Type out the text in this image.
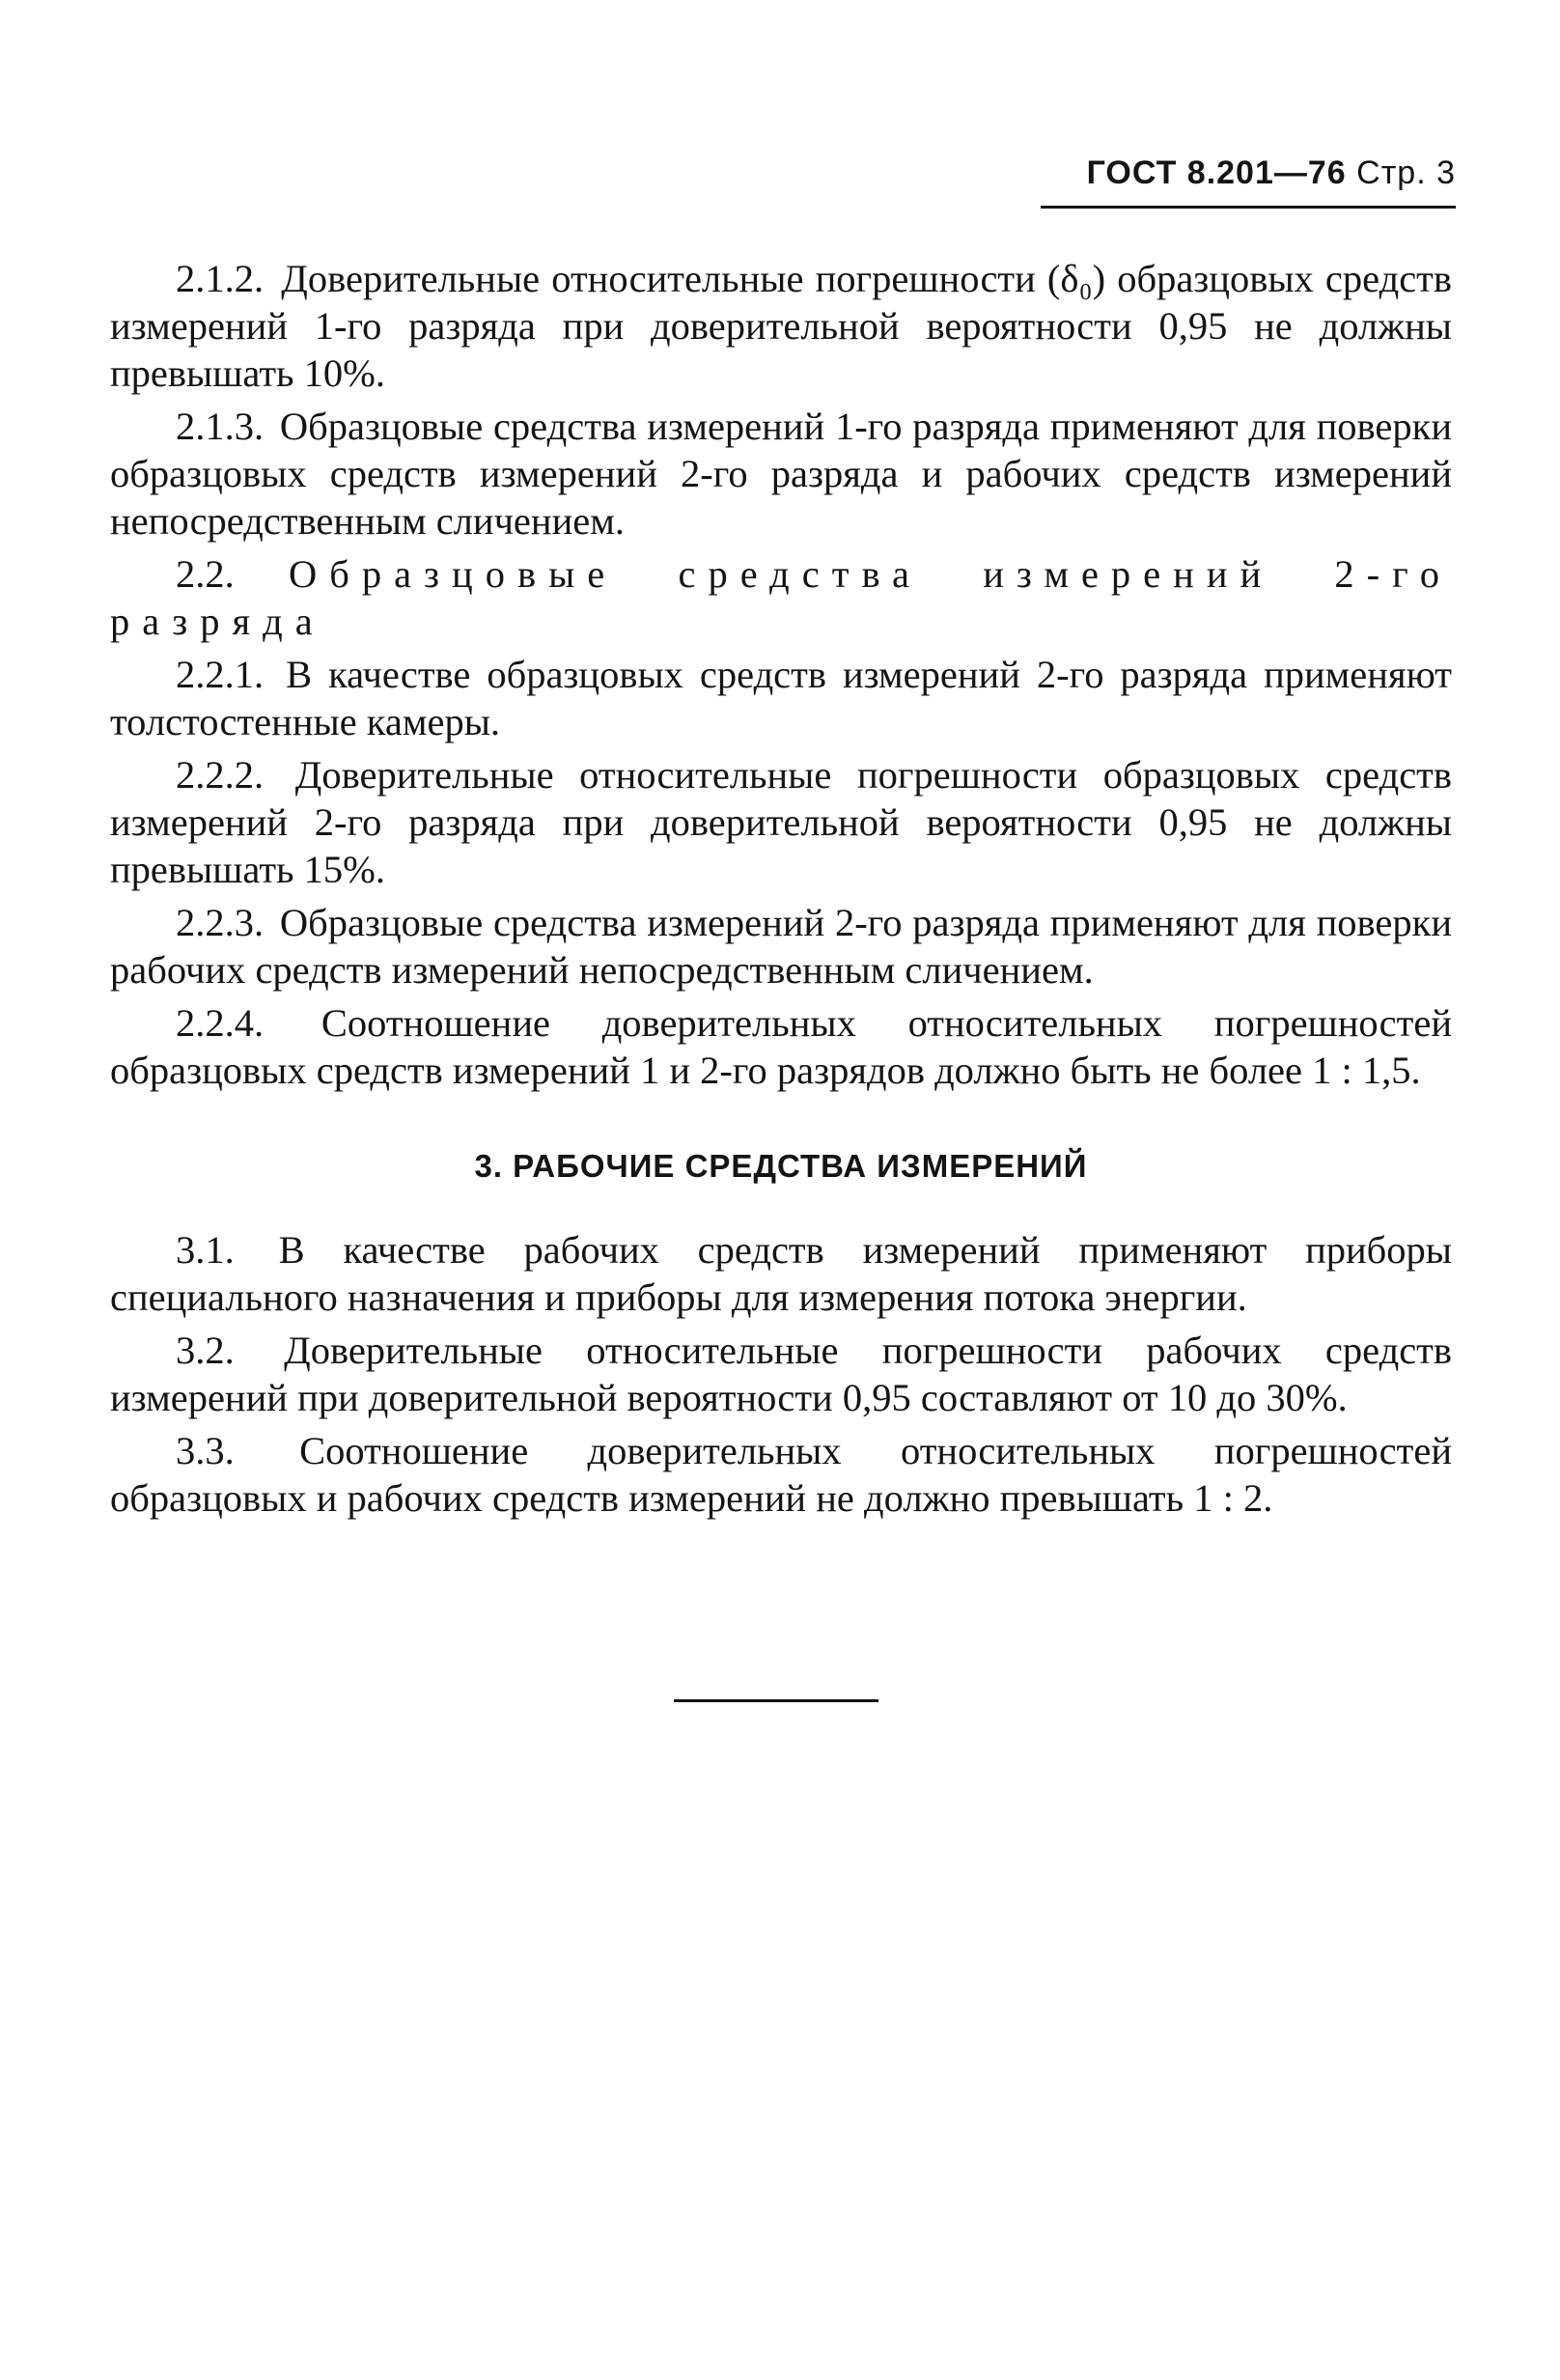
ГОСТ 8.201—76 Стр. 3

2.1.2. Доверительные относительные погрешности (δ₀) образцовых средств измерений 1-го разряда при доверительной вероятности 0,95 не должны превышать 10%.

2.1.3. Образцовые средства измерений 1-го разряда применяют для поверки образцовых средств измерений 2-го разряда и рабочих средств измерений непосредственным сличением.

2.2. Образцовые средства измерений 2-го разряда

2.2.1. В качестве образцовых средств измерений 2-го разряда применяют толстостенные камеры.

2.2.2. Доверительные относительные погрешности образцовых средств измерений 2-го разряда при доверительной вероятности 0,95 не должны превышать 15%.

2.2.3. Образцовые средства измерений 2-го разряда применяют для поверки рабочих средств измерений непосредственным сличением.

2.2.4. Соотношение доверительных относительных погрешностей образцовых средств измерений 1 и 2-го разрядов должно быть не более 1 : 1,5.

3. РАБОЧИЕ СРЕДСТВА ИЗМЕРЕНИЙ

3.1. В качестве рабочих средств измерений применяют приборы специального назначения и приборы для измерения потока энергии.

3.2. Доверительные относительные погрешности рабочих средств измерений при доверительной вероятности 0,95 составляют от 10 до 30%.

3.3. Соотношение доверительных относительных погрешностей образцовых и рабочих средств измерений не должно превышать 1 : 2.
